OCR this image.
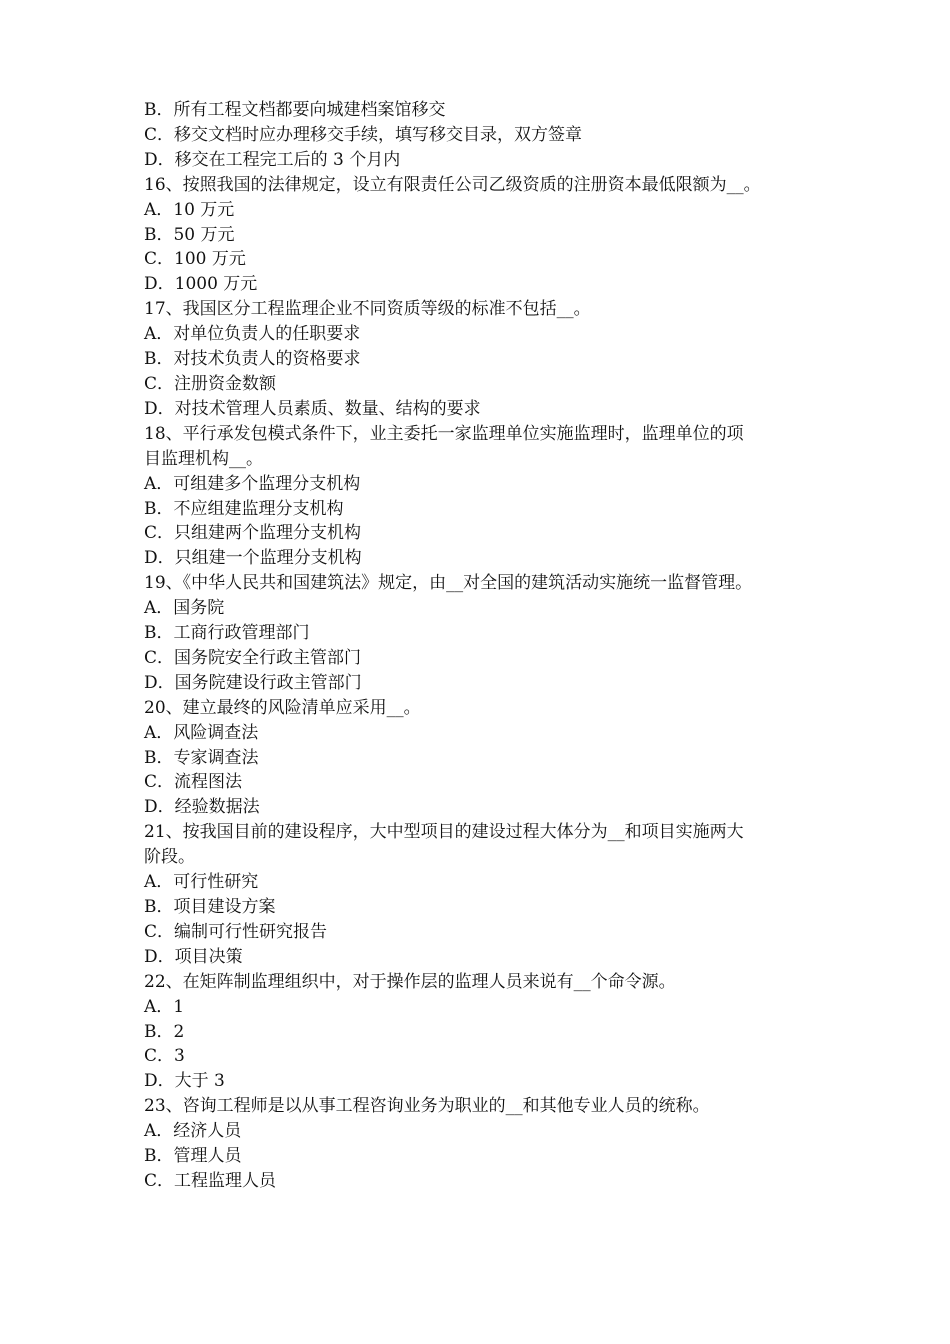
B．所有工程文档都要向城建档案馆移交
C．移交文档时应办理移交手续，填写移交目录，双方签章
D．移交在工程完工后的 3 个月内
16、按照我国的法律规定，设立有限责任公司乙级资质的注册资本最低限额为__。
A．10 万元
B．50 万元
C．100 万元
D．1000 万元
17、我国区分工程监理企业不同资质等级的标准不包括__。
A．对单位负责人的任职要求
B．对技术负责人的资格要求
C．注册资金数额
D．对技术管理人员素质、数量、结构的要求
18、平行承发包模式条件下，业主委托一家监理单位实施监理时，监理单位的项
目监理机构__。
A．可组建多个监理分支机构
B．不应组建监理分支机构
C．只组建两个监理分支机构
D．只组建一个监理分支机构
19、《中华人民共和国建筑法》规定，由__对全国的建筑活动实施统一监督管理。
A．国务院
B．工商行政管理部门
C．国务院安全行政主管部门
D．国务院建设行政主管部门
20、建立最终的风险清单应采用__。
A．风险调查法
B．专家调查法
C．流程图法
D．经验数据法
21、按我国目前的建设程序，大中型项目的建设过程大体分为__和项目实施两大
阶段。
A．可行性研究
B．项目建设方案
C．编制可行性研究报告
D．项目决策
22、在矩阵制监理组织中，对于操作层的监理人员来说有__个命令源。
A．1
B．2
C．3
D．大于 3
23、咨询工程师是以从事工程咨询业务为职业的__和其他专业人员的统称。
A．经济人员
B．管理人员
C．工程监理人员
